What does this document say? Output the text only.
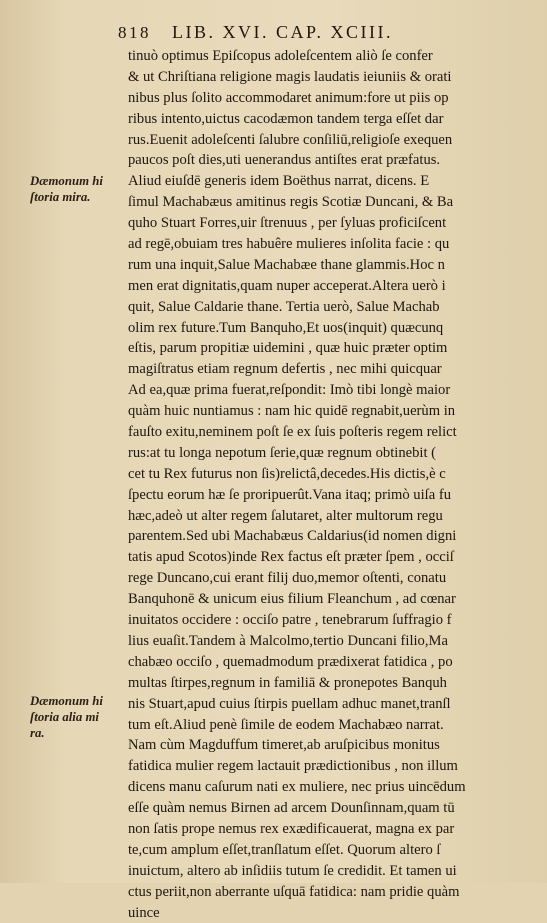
818 LIB. XVI. CAP. XCIII.
Dæmonum hi
ſtoria mira.
Dæmonum hi
ſtoria alia mi
ra.
tinuò optimus Epiſcopus adoleſcentem aliò ſe confer
& ut Chriſtiana religione magis laudatis ieiuniis & orati
nibus plus ſolito accommodaret animum:fore ut piis op
ribus intento,uictus cacodæmon tandem terga eſſet dar
rus.Euenit adoleſcenti ſalubre conſiliū,religioſe exequen
paucos poſt dies,uti uenerandus antiſtes erat præfatus.
Aliud eiuſdē generis idem Boëthus narrat, dicens. E
ſimul Machabæus amitinus regis Scotiæ Duncani, & Ba
quho Stuart Forres,uir ſtrenuus , per ſyluas proficiſcent
ad regē,obuiam tres habuêre mulieres inſolita facie : qu
rum una inquit,Salue Machabæe thane glammis.Hoc n
men erat dignitatis,quam nuper acceperat.Altera uerò i
quit, Salue Caldarie thane. Tertia uerò, Salue Machab
olim rex future.Tum Banquho,Et uos(inquit) quæcunq
eſtis, parum propitiæ uidemini , quæ huic præter optim
magiſtratus etiam regnum defertis , nec mihi quicquar
Ad ea,quæ prima fuerat,reſpondit: Imò tibi longè maior
quàm huic nuntiamus : nam hic quidē regnabit,uerùm in
fauſto exitu,neminem poſt ſe ex ſuis poſteris regem relict
rus:at tu longa nepotum ſerie,quæ regnum obtinebit (
cet tu Rex futurus non ſis)relictâ,decedes.His dictis,è c
ſpectu eorum hæ ſe proripuerût.Vana itaq; primò uiſa fu
hæc,adeò ut alter regem ſalutaret, alter multorum regu
parentem.Sed ubi Machabæus Caldarius(id nomen digni
tatis apud Scotos)inde Rex factus eſt præter ſpem , occiſ
rege Duncano,cui erant filij duo,memor oſtenti, conatu
Banquhonē & unicum eius filium Fleanchum , ad cœnar
inuitatos occidere : occiſo patre , tenebrarum ſuffragio f
lius euaſit.Tandem à Malcolmo,tertio Duncani filio,Ma
chabæo occiſo , quemadmodum prædixerat fatidica , po
multas ſtirpes,regnum in familiā & pronepotes Banquh
nis Stuart,apud cuius ſtirpis puellam adhuc manet,tranſl
tum eſt.Aliud penè ſimile de eodem Machabæo narrat.
Nam cùm Magduffum timeret,ab aruſpicibus monitus
fatidica mulier regem lactauit prædictionibus , non illum
dicens manu caſurum nati ex muliere, nec prius uincēdum
eſſe quàm nemus Birnen ad arcem Dounſinnam,quam tū
non ſatis prope nemus rex exædificauerat, magna ex par
te,cum amplum eſſet,tranſlatum eſſet. Quorum altero ſ
inuictum, altero ab inſidiis tutum ſe credidit. Et tamen ui
ctus periit,non aberrante uſquā fatidica: nam pridie quàm
uince
